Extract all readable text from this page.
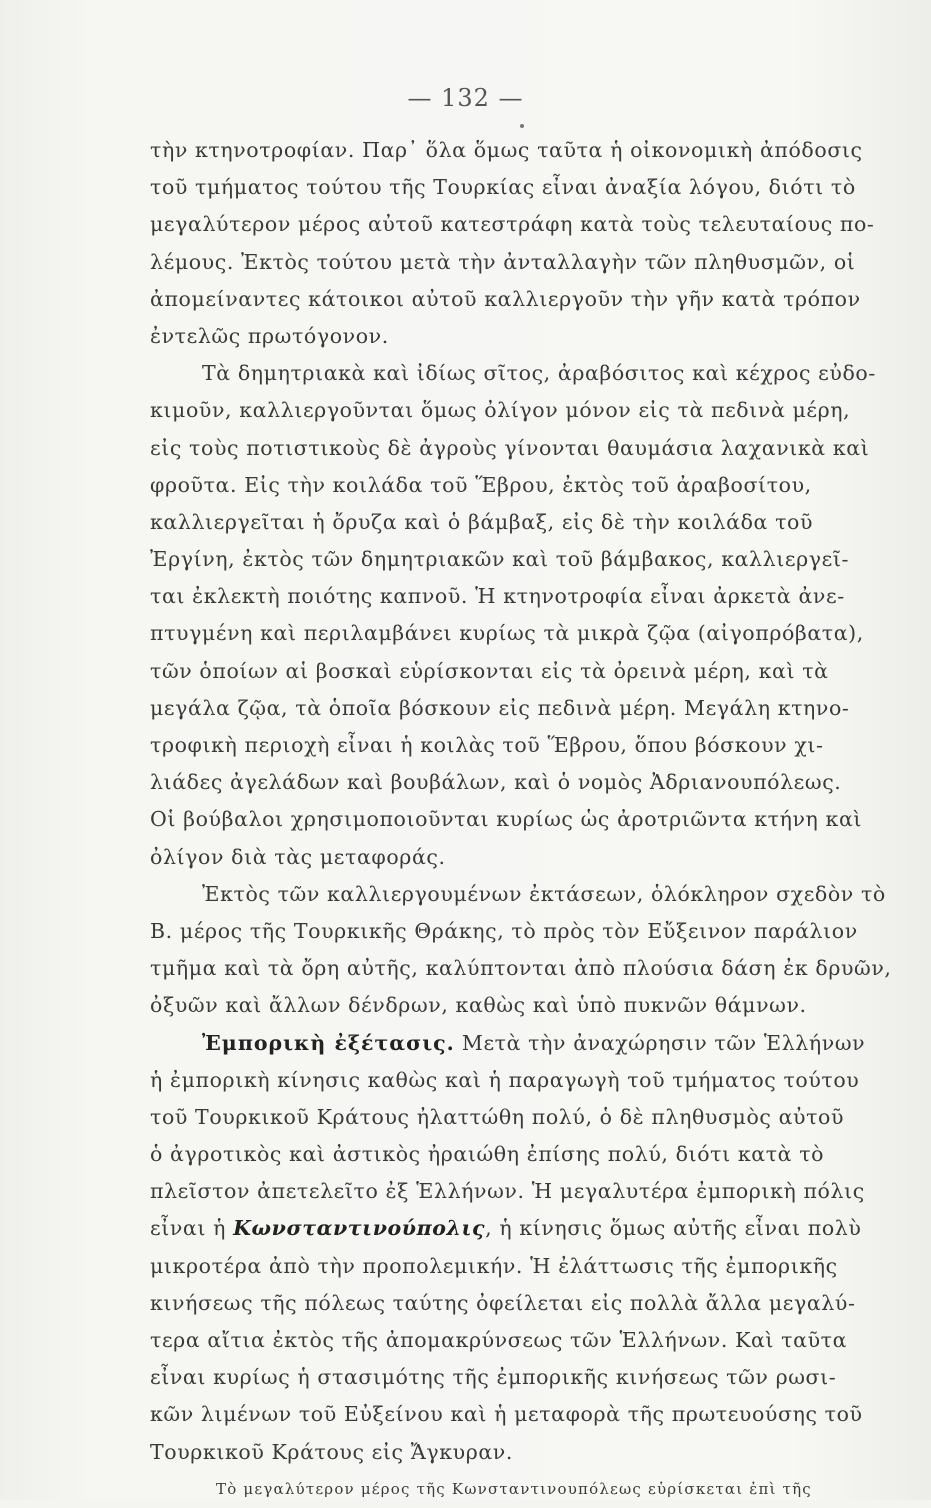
— 132 —
τὴν κτηνοτροφίαν. Παρ᾽ ὅλα ὅμως ταῦτα ἡ οἰκονομικὴ ἀπόδοσις
τοῦ τμήματος τούτου τῆς Τουρκίας εἶναι ἀναξία λόγου, διότι τὸ
μεγαλύτερον μέρος αὐτοῦ κατεστράφη κατὰ τοὺς τελευταίους πο-
λέμους. Ἐκτὸς τούτου μετὰ τὴν ἀνταλλαγὴν τῶν πληθυσμῶν, οἱ
ἀπομείναντες κάτοικοι αὐτοῦ καλλιεργοῦν τὴν γῆν κατὰ τρόπον
ἐντελῶς πρωτόγονον.
Τὰ δημητριακὰ καὶ ἰδίως σῖτος, ἀραβόσιτος καὶ κέχρος εὐδο-
κιμοῦν, καλλιεργοῦνται ὅμως ὀλίγον μόνον εἰς τὰ πεδινὰ μέρη,
εἰς τοὺς ποτιστικοὺς δὲ ἀγροὺς γίνονται θαυμάσια λαχανικὰ καὶ
φροῦτα. Εἰς τὴν κοιλάδα τοῦ Ἕβρου, ἐκτὸς τοῦ ἀραβοσίτου,
καλλιεργεῖται ἡ ὄρυζα καὶ ὁ βάμβαξ, εἰς δὲ τὴν κοιλάδα τοῦ
Ἐργίνη, ἐκτὸς τῶν δημητριακῶν καὶ τοῦ βάμβακος, καλλιεργεῖ-
ται ἐκλεκτὴ ποιότης καπνοῦ. Ἡ κτηνοτροφία εἶναι ἀρκετὰ ἀνε-
πτυγμένη καὶ περιλαμβάνει κυρίως τὰ μικρὰ ζῷα (αἰγοπρόβατα),
τῶν ὁποίων αἱ βοσκαὶ εὑρίσκονται εἰς τὰ ὀρεινὰ μέρη, καὶ τὰ
μεγάλα ζῷα, τὰ ὁποῖα βόσκουν εἰς πεδινὰ μέρη. Μεγάλη κτηνο-
τροφικὴ περιοχὴ εἶναι ἡ κοιλὰς τοῦ Ἕβρου, ὅπου βόσκουν χι-
λιάδες ἀγελάδων καὶ βουβάλων, καὶ ὁ νομὸς Ἀδριανουπόλεως.
Οἱ βούβαλοι χρησιμοποιοῦνται κυρίως ὡς ἀροτριῶντα κτήνη καὶ
ὀλίγον διὰ τὰς μεταφοράς.
Ἐκτὸς τῶν καλλιεργουμένων ἐκτάσεων, ὁλόκληρον σχεδὸν τὸ
Β. μέρος τῆς Τουρκικῆς Θράκης, τὸ πρὸς τὸν Εὔξεινον παράλιον
τμῆμα καὶ τὰ ὄρη αὐτῆς, καλύπτονται ἀπὸ πλούσια δάση ἐκ δρυῶν,
ὀξυῶν καὶ ἄλλων δένδρων, καθὼς καὶ ὑπὸ πυκνῶν θάμνων.
Ἐμπορικὴ ἐξέτασις. Μετὰ τὴν ἀναχώρησιν τῶν Ἑλλήνων
ἡ ἐμπορικὴ κίνησις καθὼς καὶ ἡ παραγωγὴ τοῦ τμήματος τούτου
τοῦ Τουρκικοῦ Κράτους ἠλαττώθη πολύ, ὁ δὲ πληθυσμὸς αὐτοῦ
ὁ ἀγροτικὸς καὶ ἀστικὸς ἠραιώθη ἐπίσης πολύ, διότι κατὰ τὸ
πλεῖστον ἀπετελεῖτο ἐξ Ἑλλήνων. Ἡ μεγαλυτέρα ἐμπορικὴ πόλις
εἶναι ἡ Κωνσταντινούπολις, ἡ κίνησις ὅμως αὐτῆς εἶναι πολὺ
μικροτέρα ἀπὸ τὴν προπολεμικήν. Ἡ ἐλάττωσις τῆς ἐμπορικῆς
κινήσεως τῆς πόλεως ταύτης ὀφείλεται εἰς πολλὰ ἄλλα μεγαλύ-
τερα αἴτια ἐκτὸς τῆς ἀπομακρύνσεως τῶν Ἑλλήνων. Καὶ ταῦτα
εἶναι κυρίως ἡ στασιμότης τῆς ἐμπορικῆς κινήσεως τῶν ρωσι-
κῶν λιμένων τοῦ Εὐξείνου καὶ ἡ μεταφορὰ τῆς πρωτευούσης τοῦ
Τουρκικοῦ Κράτους εἰς Ἄγκυραν.
Τὸ μεγαλύτερον μέρος τῆς Κωνσταντινουπόλεως εὑρίσκεται ἐπὶ τῆς
